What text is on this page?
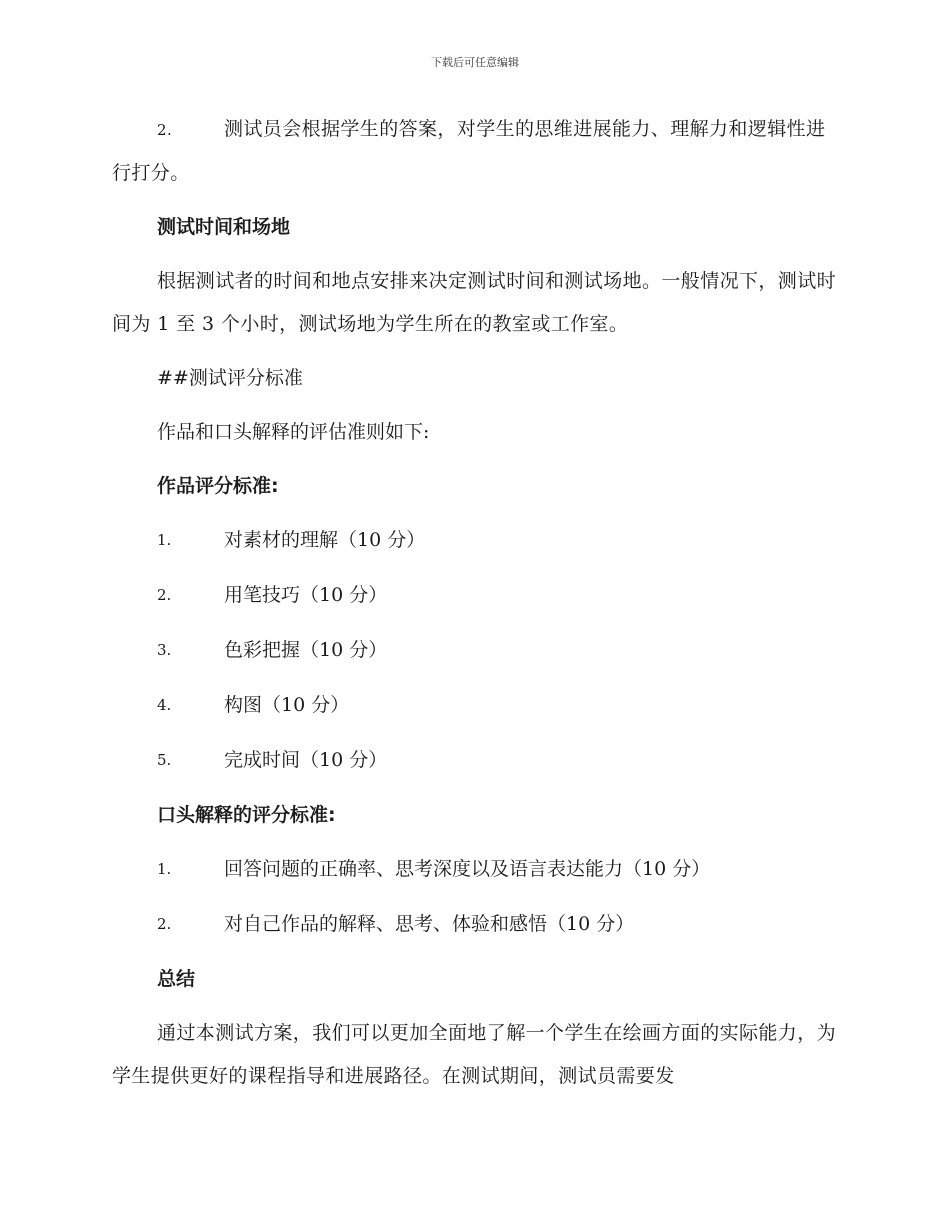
下载后可任意编辑

2.	测试员会根据学生的答案，对学生的思维进展能力、理解力和逻辑性进行打分。

测试时间和场地

根据测试者的时间和地点安排来决定测试时间和测试场地。一般情况下，测试时间为 1 至 3 个小时，测试场地为学生所在的教室或工作室。

##测试评分标准
作品和口头解释的评估准则如下:
作品评分标准:
1.	对素材的理解（10 分）
2.	用笔技巧（10 分）
3.	色彩把握（10 分）
4.	构图（10 分）
5.	完成时间（10 分）
口头解释的评分标准:
1.	回答问题的正确率、思考深度以及语言表达能力（10 分）
2.	对自己作品的解释、思考、体验和感悟（10 分）
总结

通过本测试方案，我们可以更加全面地了解一个学生在绘画方面的实际能力，为学生提供更好的课程指导和进展路径。在测试期间，测试员需要发
